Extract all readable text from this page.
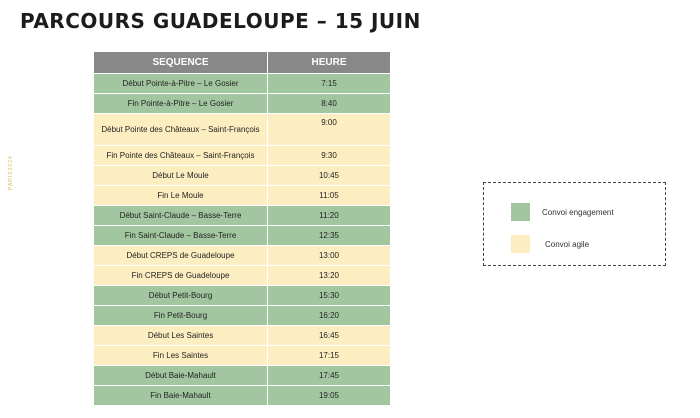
PARCOURS GUADELOUPE – 15 JUIN
PARIS2024
SEQUENCE	HEURE
Début Pointe-à-Pitre – Le Gosier	7:15
Fin Pointe-à-Pitre – Le Gosier	8:40
Début Pointe des Châteaux – Saint-François	9:00
Fin Pointe des Châteaux – Saint-François	9:30
Début Le Moule	10:45
Fin Le Moule	11:05
Début Saint-Claude – Basse-Terre	11:20
Fin Saint-Claude – Basse-Terre	12:35
Début CREPS de Guadeloupe	13:00
Fin CREPS de Guadeloupe	13:20
Début Petit-Bourg	15:30
Fin Petit-Bourg	16:20
Début Les Saintes	16:45
Fin Les Saintes	17:15
Début Baie-Mahault	17:45
Fin Baie-Mahault	19:05
Convoi engagement
Convoi agile
